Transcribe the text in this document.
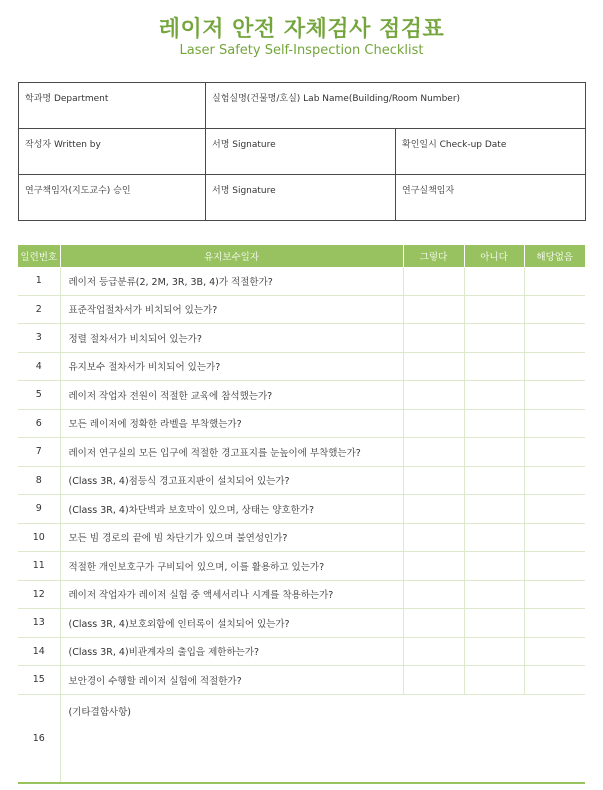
레이저 안전 자체검사 점검표
Laser Safety Self-Inspection Checklist
학과명 Department	실험실명(건물명/호실) Lab Name(Building/Room Number)	
작성자 Written by	서명 Signature	확인일시 Check-up Date
연구책임자(지도교수) 승인	서명 Signature	연구실책임자
일련번호	유지보수일자	그렇다	아니다	해당없음
1	레이저 등급분류(2, 2M, 3R, 3B, 4)가 적절한가?			
2	표준작업절차서가 비치되어 있는가?			
3	정렬 절차서가 비치되어 있는가?			
4	유지보수 절차서가 비치되어 있는가?			
5	레이저 작업자 전원이 적절한 교육에 참석했는가?			
6	모든 레이저에 정확한 라벨을 부착했는가?			
7	레이저 연구실의 모든 입구에 적절한 경고표지를 눈높이에 부착했는가?			
8	(Class 3R, 4)점등식 경고표지판이 설치되어 있는가?			
9	(Class 3R, 4)차단벽과 보호막이 있으며, 상태는 양호한가?			
10	모든 빔 경로의 끝에 빔 차단기가 있으며 불연성인가?			
11	적절한 개인보호구가 구비되어 있으며, 이를 활용하고 있는가?			
12	레이저 작업자가 레이저 실험 중 액세서리나 시계를 착용하는가?			
13	(Class 3R, 4)보호외함에 인터록이 설치되어 있는가?			
14	(Class 3R, 4)비관계자의 출입을 제한하는가?			
15	보안경이 수행할 레이저 실험에 적절한가?			
16	(기타결함사항)			
